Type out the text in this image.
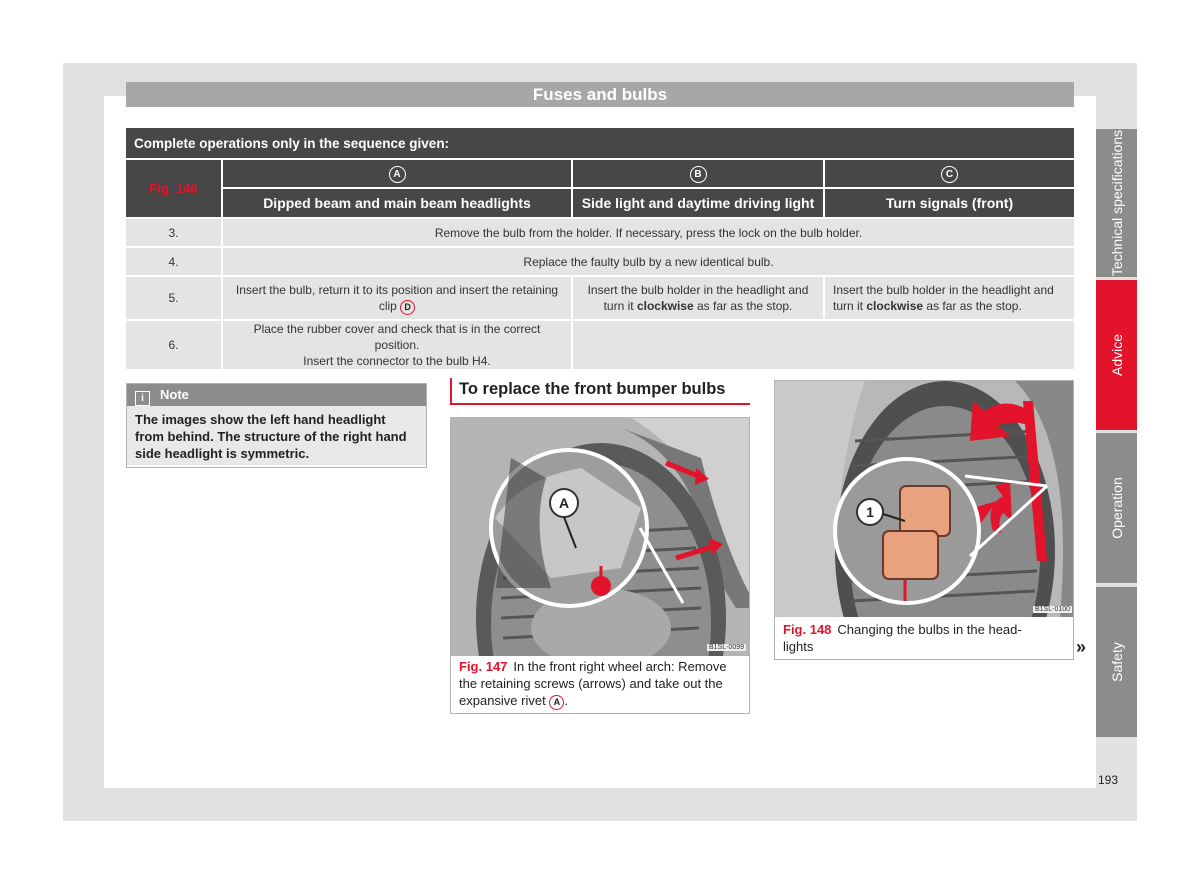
Fuses and bulbs
Technical specifications
Advice
Operation
Safety
Complete operations only in the sequence given:			
Fig. 146	A	B	C
	Dipped beam and main beam headlights	Side light and daytime driving light	Turn signals (front)
3.	Remove the bulb from the holder. If necessary, press the lock on the bulb holder.		
4.	Replace the faulty bulb by a new identical bulb.		
5.	Insert the bulb, return it to its position and insert the retaining clip D	Insert the bulb holder in the headlight and turn it clockwise as far as the stop.	Insert the bulb holder in the headlight and turn it clockwise as far as the stop.
6.	Place the rubber cover and check that is in the correct position.
Insert the connector to the bulb H4.		
i Note
The images show the left hand headlight from behind. The structure of the right hand side headlight is symmetric.
To replace the front bumper bulbs
A
B1SL-0099
Fig. 147 In the front right wheel arch: Remove the retaining screws (arrows) and take out the expansive rivet A .
1
B1SL-0100
Fig. 148 Changing the bulbs in the head-lights	»
193
